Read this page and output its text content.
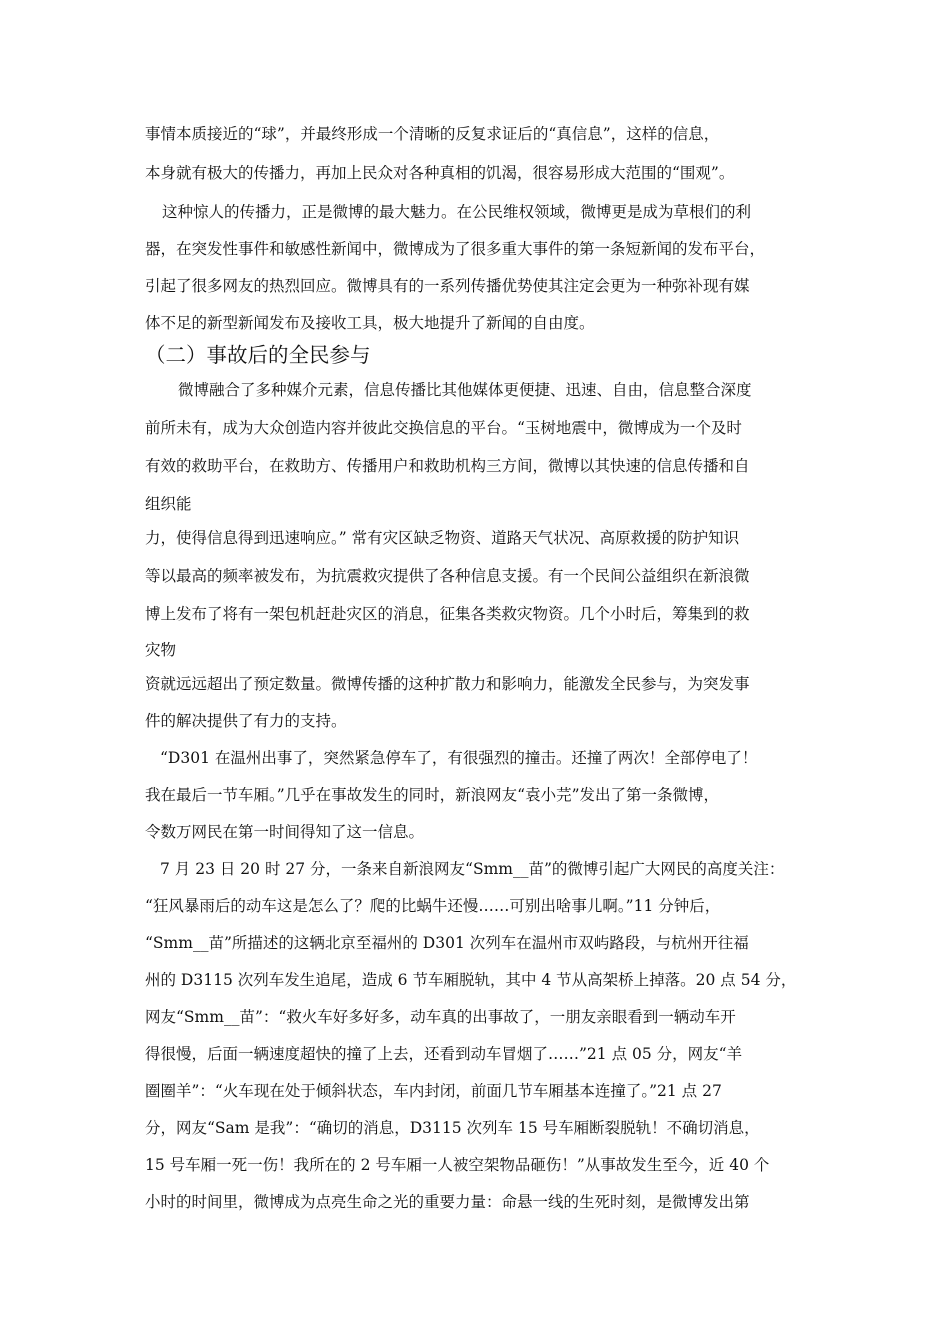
事情本质接近的“球”，并最终形成一个清晰的反复求证后的“真信息”，这样的信息，
本身就有极大的传播力，再加上民众对各种真相的饥渴，很容易形成大范围的“围观”。
这种惊人的传播力，正是微博的最大魅力。在公民维权领域，微博更是成为草根们的利
器，在突发性事件和敏感性新闻中，微博成为了很多重大事件的第一条短新闻的发布平台，
引起了很多网友的热烈回应。微博具有的一系列传播优势使其注定会更为一种弥补现有媒
体不足的新型新闻发布及接收工具，极大地提升了新闻的自由度。
（二）事故后的全民参与
微博融合了多种媒介元素，信息传播比其他媒体更便捷、迅速、自由，信息整合深度
前所未有，成为大众创造内容并彼此交换信息的平台。“玉树地震中，微博成为一个及时
有效的救助平台，在救助方、传播用户和救助机构三方间，微博以其快速的信息传播和自
组织能
力，使得信息得到迅速响应。” 常有灾区缺乏物资、道路天气状况、高原救援的防护知识
等以最高的频率被发布，为抗震救灾提供了各种信息支援。有一个民间公益组织在新浪微
博上发布了将有一架包机赶赴灾区的消息，征集各类救灾物资。几个小时后，筹集到的救
灾物
资就远远超出了预定数量。微博传播的这种扩散力和影响力，能激发全民参与，为突发事
件的解决提供了有力的支持。
“D301 在温州出事了，突然紧急停车了，有很强烈的撞击。还撞了两次！全部停电了！
我在最后一节车厢。”几乎在事故发生的同时，新浪网友“袁小芫”发出了第一条微博，
令数万网民在第一时间得知了这一信息。
7 月 23 日 20 时 27 分，一条来自新浪网友“Smm__苗”的微博引起广大网民的高度关注：
“狂风暴雨后的动车这是怎么了？爬的比蜗牛还慢……可别出啥事儿啊。”11 分钟后，
“Smm__苗”所描述的这辆北京至福州的 D301 次列车在温州市双屿路段，与杭州开往福
州的 D3115 次列车发生追尾，造成 6 节车厢脱轨，其中 4 节从高架桥上掉落。20 点 54 分，
网友“Smm__苗”：“救火车好多好多，动车真的出事故了，一朋友亲眼看到一辆动车开
得很慢，后面一辆速度超快的撞了上去，还看到动车冒烟了……”21 点 05 分，网友“羊
圈圈羊”：“火车现在处于倾斜状态，车内封闭，前面几节车厢基本连撞了。”21 点 27
分，网友“Sam 是我”：“确切的消息，D3115 次列车 15 号车厢断裂脱轨！不确切消息，
15 号车厢一死一伤！我所在的 2 号车厢一人被空架物品砸伤！”从事故发生至今，近 40 个
小时的时间里，微博成为点亮生命之光的重要力量：命悬一线的生死时刻，是微博发出第
